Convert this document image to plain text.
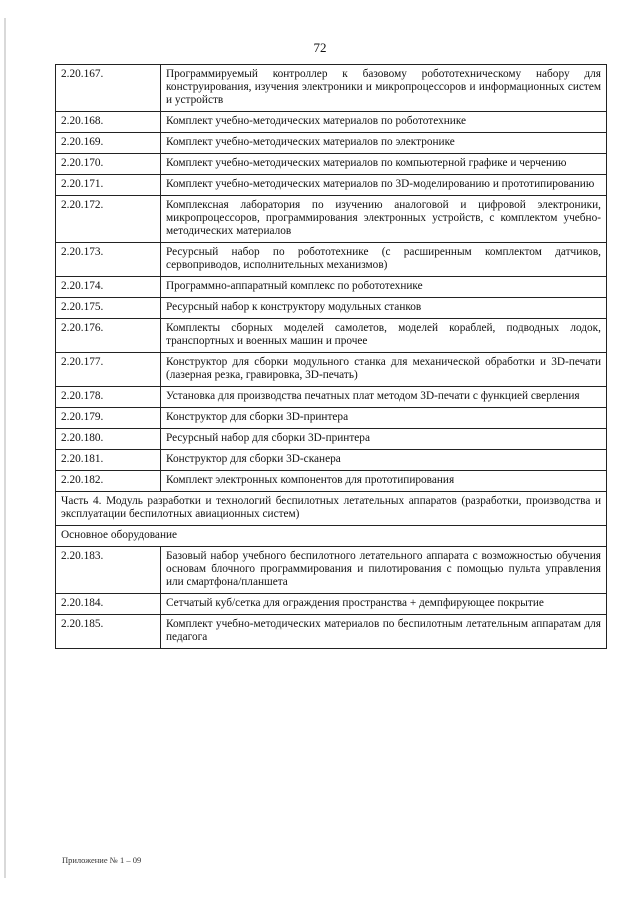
72
2.20.167.	Программируемый контроллер к базовому робототехническому набору для конструирования, изучения электроники и микропроцессоров и информационных систем и устройств
2.20.168.	Комплект учебно-методических материалов по робототехнике
2.20.169.	Комплект учебно-методических материалов по электронике
2.20.170.	Комплект учебно-методических материалов по компьютерной графике и черчению
2.20.171.	Комплект учебно-методических материалов по 3D-моделированию и прототипированию
2.20.172.	Комплексная лаборатория по изучению аналоговой и цифровой электроники, микропроцессоров, программирования электронных устройств, с комплектом учебно-методических материалов
2.20.173.	Ресурсный набор по робототехнике (с расширенным комплектом датчиков, сервоприводов, исполнительных механизмов)
2.20.174.	Программно-аппаратный комплекс по робототехнике
2.20.175.	Ресурсный набор к конструктору модульных станков
2.20.176.	Комплекты сборных моделей самолетов, моделей кораблей, подводных лодок, транспортных и военных машин и прочее
2.20.177.	Конструктор для сборки модульного станка для механической обработки и 3D-печати (лазерная резка, гравировка, 3D-печать)
2.20.178.	Установка для производства печатных плат методом 3D-печати с функцией сверления
2.20.179.	Конструктор для сборки 3D-принтера
2.20.180.	Ресурсный набор для сборки 3D-принтера
2.20.181.	Конструктор для сборки 3D-сканера
2.20.182.	Комплект электронных компонентов для прототипирования
Часть 4. Модуль разработки и технологий беспилотных летательных аппаратов (разработки, производства и эксплуатации беспилотных авиационных систем)	
Основное оборудование	
2.20.183.	Базовый набор учебного беспилотного летательного аппарата с возможностью обучения основам блочного программирования и пилотирования с помощью пульта управления или смартфона/планшета
2.20.184.	Сетчатый куб/сетка для ограждения пространства + демпфирующее покрытие
2.20.185.	Комплект учебно-методических материалов по беспилотным летательным аппаратам для педагога
Приложение № 1 – 09
